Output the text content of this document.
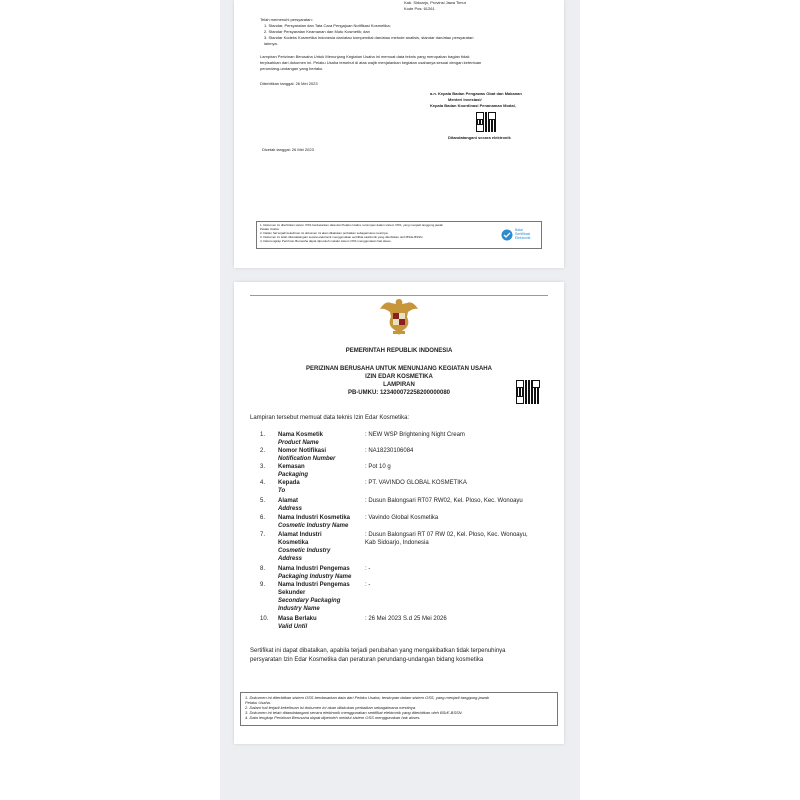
Kab. Sidoarjo, Provinsi Jawa Timur
Kode Pos: 61261
Telah memenuhi persyaratan:
1. Standar, Persyaratan dan Tata Cara Pengajuan Notifikasi Kosmetika;
2. Standar Persyaratan Keamanan dan Mutu Kosmetik; dan
3. Standar Kodeks Kosmetika Indonesia dan/atau kompendial dan/atau metode analisis, standar dan/atau persyaratan
lainnya.
Lampiran Perizinan Berusaha Untuk Menunjang Kegiatan Usaha ini memuat data teknis yang merupakan bagian tidak
terpisahkan dari dokumen ini. Pelaku Usaha tersebut di atas wajib menjalankan kegiatan usahanya sesuai dengan ketentuan
perundang-undangan yang berlaku.
Diterbitkan tanggal: 26 Mei 2023
a.n. Kepala Badan Pengawas Obat dan Makanan
Menteri Investasi/
Kepala Badan Koordinasi Penanaman Modal,
Ditandatangani secara elektronik
Dicetak tanggal: 26 Mei 2023
1. Dokumen ini diterbitkan sistem OSS berdasarkan data dari Pelaku Usaha, tersimpan dalam sistem OSS, yang menjadi tanggung jawab
Pelaku Usaha.
2. Dalam hal terjadi kekeliruan isi dokumen ini akan dilakukan perbaikan sebagaimana mestinya.
3. Dokumen ini telah ditandatangani secara elektronik menggunakan sertifikat elektronik yang diterbitkan oleh BSrE-BSSN.
4. Data lengkap Perizinan Berusaha dapat diperoleh melalui sistem OSS menggunakan hak akses.
Balai
Sertifikasi
Elektronik
PEMERINTAH REPUBLIK INDONESIA
PERIZINAN BERUSAHA UNTUK MENUNJANG KEGIATAN USAHA
IZIN EDAR KOSMETIKA
LAMPIRAN
PB-UMKU: 123400072258200000080
Lampiran tersebut memuat data teknis Izin Edar Kosmetika:
1. Nama Kosmetik
Product Name
: NEW WSP Brightening Night Cream
2. Nomor Notifikasi
Notification Number
: NA18230106084
3. Kemasan
Packaging
: Pot 10 g
4. Kepada
To
: PT. VAVINDO GLOBAL KOSMETIKA
5. Alamat
Address
: Dusun Balongsari RT07 RW02, Kel. Ploso, Kec. Wonoayu
6. Nama Industri Kosmetika
Cosmetic Industry Name
: Vavindo Global Kosmetika
7. Alamat Industri
Kosmetika
Cosmetic Industry
Address
: Dusun Balongsari RT 07 RW 02, Kel. Ploso, Kec. Wonoayu,
Kab Sidoarjo, Indonesia
8. Nama Industri Pengemas
Packaging Industry Name
: -
9. Nama Industri Pengemas
Sekunder
Secondary Packaging
Industry Name
: -
10. Masa Berlaku
Valid Until
: 26 Mei 2023 S.d 25 Mei 2026
Sertifikat ini dapat dibatalkan, apabila terjadi perubahan yang mengakibatkan tidak terpenuhinya
persyaratan Izin Edar Kosmetika dan peraturan perundang-undangan bidang kosmetika
1. Dokumen ini diterbitkan sistem OSS berdasarkan data dari Pelaku Usaha, tersimpan dalam sistem OSS, yang menjadi tanggung jawab
Pelaku Usaha.
2. Dalam hal terjadi kekeliruan isi dokumen ini akan dilakukan perbaikan sebagaimana mestinya.
3. Dokumen ini telah ditandatangani secara elektronik menggunakan sertifikat elektronik yang diterbitkan oleh BSrE-BSSN.
4. Data lengkap Perizinan Berusaha dapat diperoleh melalui sistem OSS menggunakan hak akses.
